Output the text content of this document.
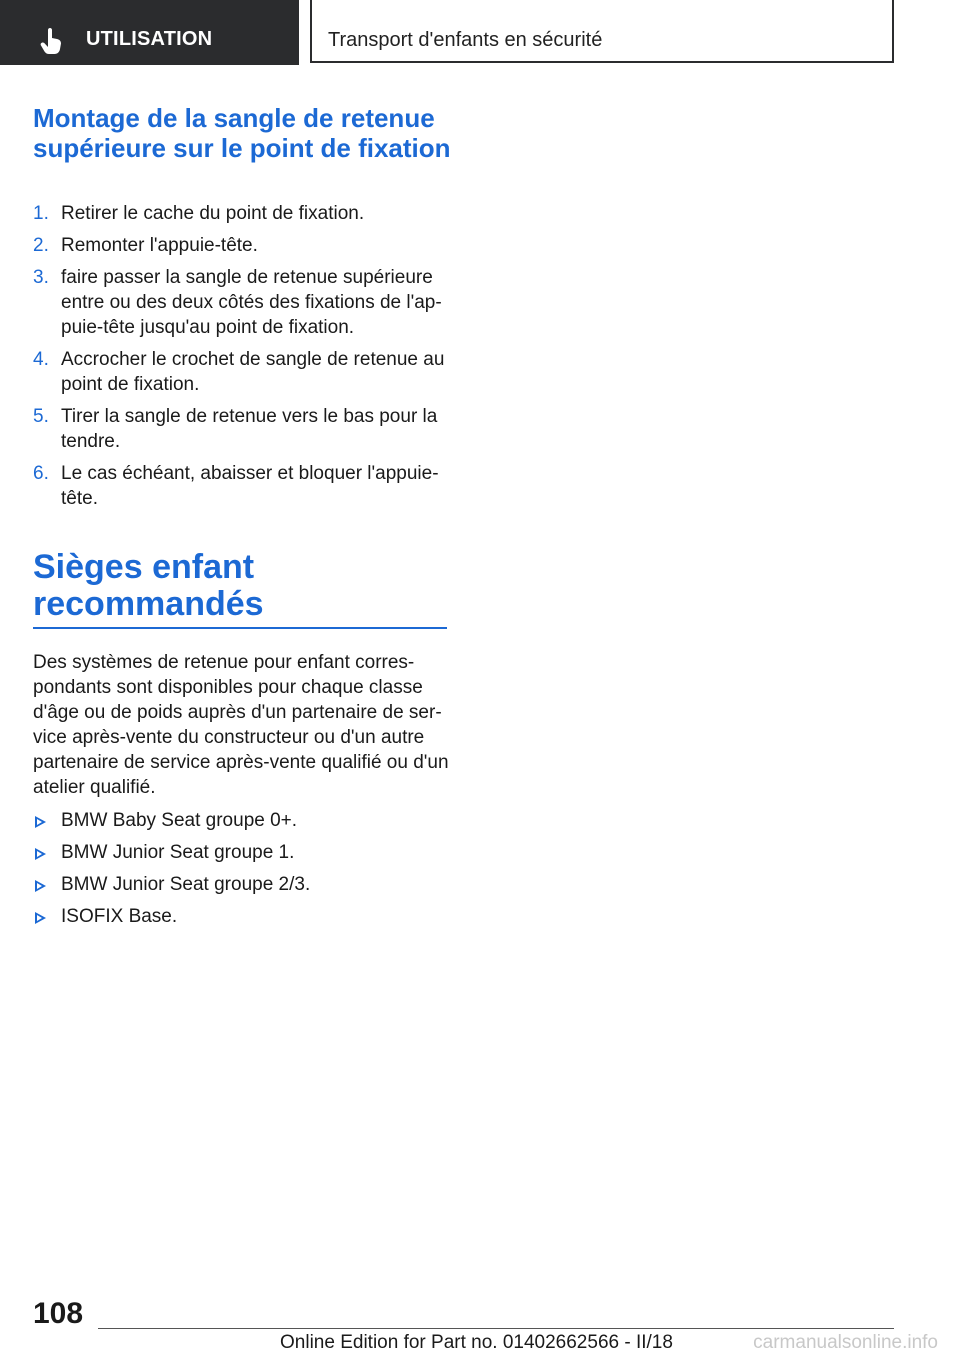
UTILISATION	Transport d'enfants en sécurité
Montage de la sangle de retenue supérieure sur le point de fixation
1. Retirer le cache du point de fixation.
2. Remonter l'appuie-tête.
3. faire passer la sangle de retenue supérieure entre ou des deux côtés des fixations de l'appuie-tête jusqu'au point de fixation.
4. Accrocher le crochet de sangle de retenue au point de fixation.
5. Tirer la sangle de retenue vers le bas pour la tendre.
6. Le cas échéant, abaisser et bloquer l'appuie-tête.
Sièges enfant recommandés

Des systèmes de retenue pour enfant correspondants sont disponibles pour chaque classe d'âge ou de poids auprès d'un partenaire de service après-vente du constructeur ou d'un autre partenaire de service après-vente qualifié ou d'un atelier qualifié.

BMW Baby Seat groupe 0+.
BMW Junior Seat groupe 1.
BMW Junior Seat groupe 2/3.
ISOFIX Base.
108
Online Edition for Part no. 01402662566 - II/18	carmanualsonline.info
